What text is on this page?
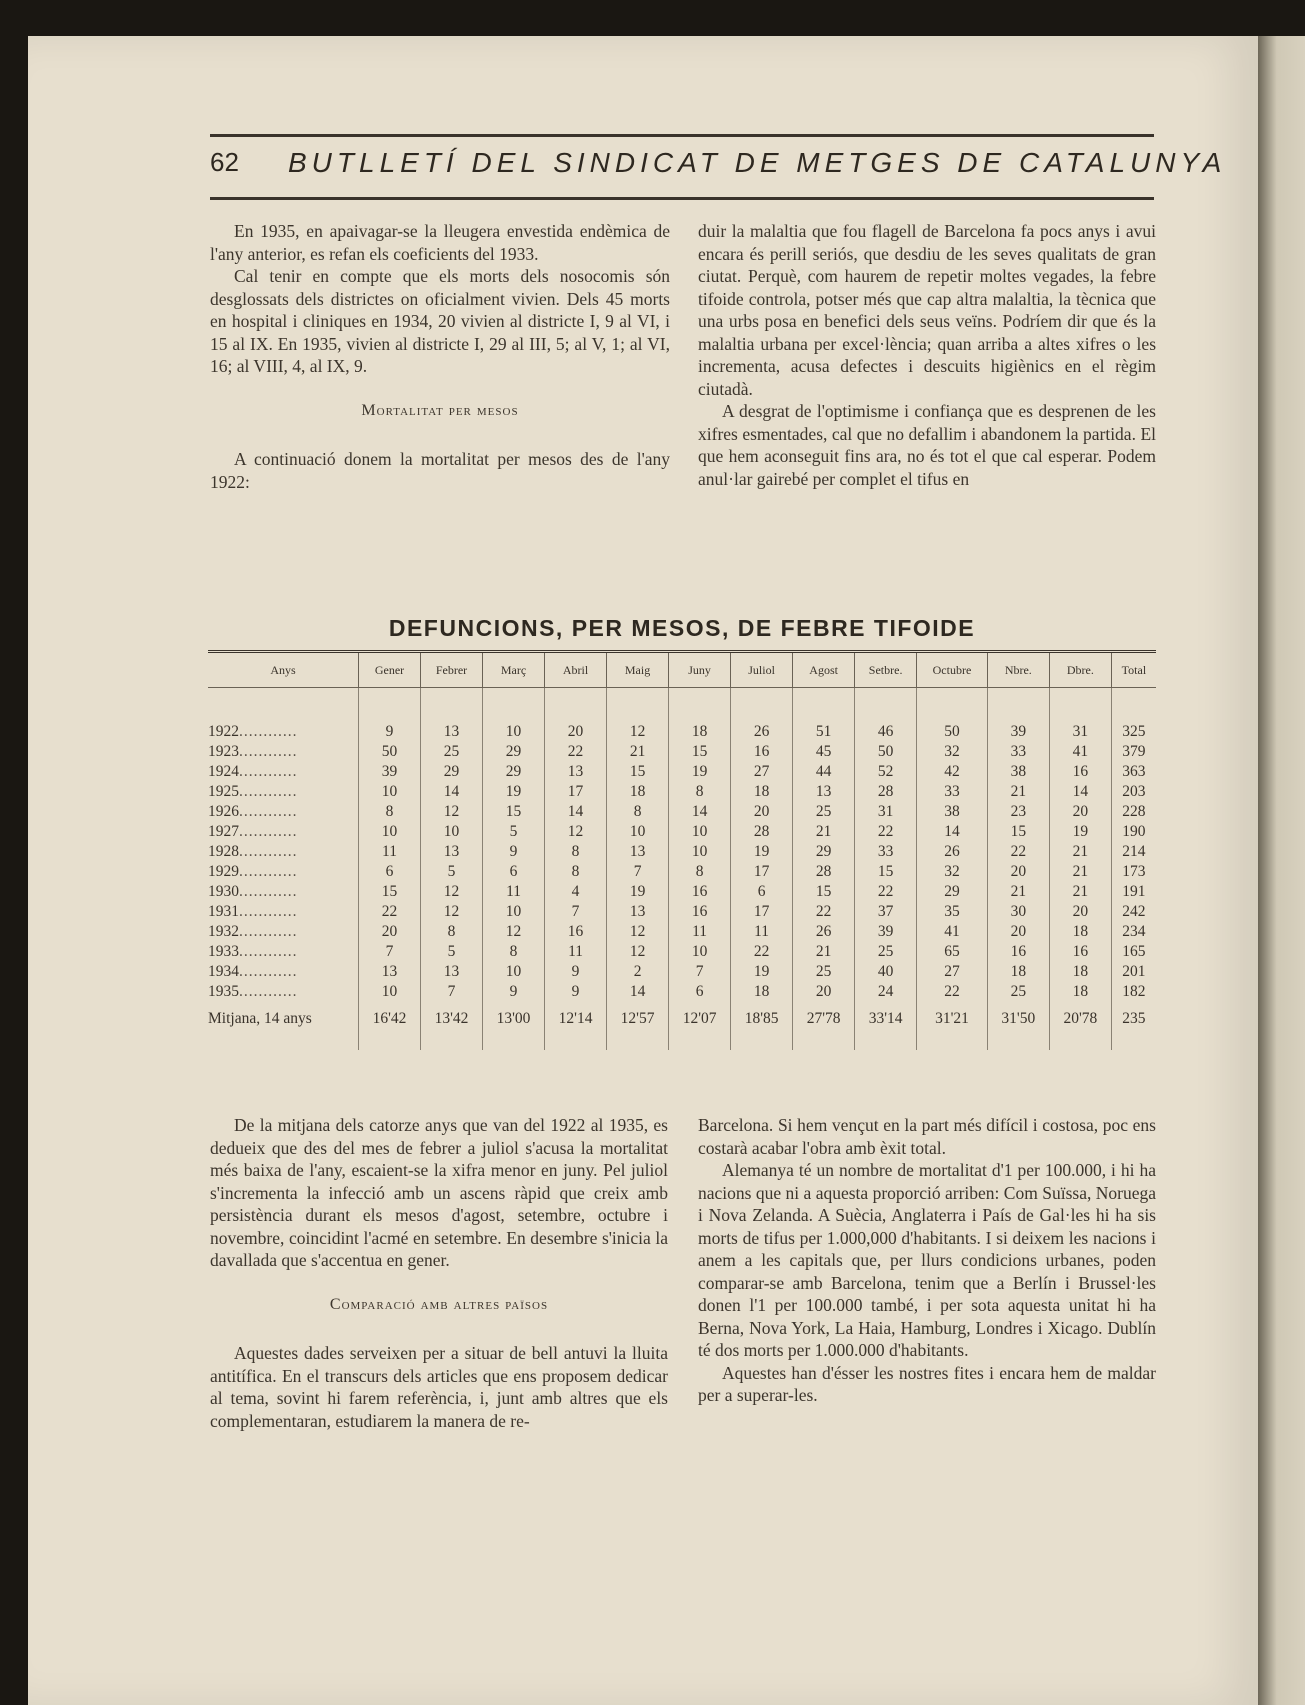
62 BUTLLETÍ DEL SINDICAT DE METGES DE CATALUNYA

En 1935, en apaivagar-se la lleugera envestida endèmica de l'any anterior, es refan els coeficients del 1933.

Cal tenir en compte que els morts dels nosocomis són desglossats dels districtes on oficialment vivien. Dels 45 morts en hospital i cliniques en 1934, 20 vivien al districte I, 9 al VI, i 15 al IX. En 1935, vivien al districte I, 29 al III, 5; al V, 1; al VI, 16; al VIII, 4, al IX, 9.

Mortalitat per mesos

A continuació donem la mortalitat per mesos des de l'any 1922:

duir la malaltia que fou flagell de Barcelona fa pocs anys i avui encara és perill seriós, que desdiu de les seves qualitats de gran ciutat. Perquè, com haurem de repetir moltes vegades, la febre tifoide controla, potser més que cap altra malaltia, la tècnica que una urbs posa en benefici dels seus veïns. Podríem dir que és la malaltia urbana per excel·lència; quan arriba a altes xifres o les incrementa, acusa defectes i descuits higiènics en el règim ciutadà.

A desgrat de l'optimisme i confiança que es desprenen de les xifres esmentades, cal que no defallim i abandonem la partida. El que hem aconseguit fins ara, no és tot el que cal esperar. Podem anul·lar gairebé per complet el tifus en

DEFUNCIONS, PER MESOS, DE FEBRE TIFOIDE
Anys	Gener	Febrer	Març	Abril	Maig	Juny	Juliol	Agost	Setbre.	Octubre	Nbre.	Dbre.	Total

1922............	9	13	10	20	12	18	26	51	46	50	39	31	325
1923............	50	25	29	22	21	15	16	45	50	32	33	41	379
1924............	39	29	29	13	15	19	27	44	52	42	38	16	363
1925............	10	14	19	17	18	8	18	13	28	33	21	14	203
1926............	8	12	15	14	8	14	20	25	31	38	23	20	228
1927............	10	10	5	12	10	10	28	21	22	14	15	19	190
1928............	11	13	9	8	13	10	19	29	33	26	22	21	214
1929............	6	5	6	8	7	8	17	28	15	32	20	21	173
1930............	15	12	11	4	19	16	6	15	22	29	21	21	191
1931............	22	12	10	7	13	16	17	22	37	35	30	20	242
1932............	20	8	12	16	12	11	11	26	39	41	20	18	234
1933............	7	5	8	11	12	10	22	21	25	65	16	16	165
1934............	13	13	10	9	2	7	19	25	40	27	18	18	201
1935............	10	7	9	9	14	6	18	20	24	22	25	18	182
Mitjana, 14 anys	16'42	13'42	13'00	12'14	12'57	12'07	18'85	27'78	33'14	31'21	31'50	20'78	235

De la mitjana dels catorze anys que van del 1922 al 1935, es dedueix que des del mes de febrer a juliol s'acusa la mortalitat més baixa de l'any, escaient-se la xifra menor en juny. Pel juliol s'incrementa la infecció amb un ascens ràpid que creix amb persistència durant els mesos d'agost, setembre, octubre i novembre, coincidint l'acmé en setembre. En desembre s'inicia la davallada que s'accentua en gener.

Comparació amb altres països

Aquestes dades serveixen per a situar de bell antuvi la lluita antitífica. En el transcurs dels articles que ens proposem dedicar al tema, sovint hi farem referència, i, junt amb altres que els complementaran, estudiarem la manera de re-

Barcelona. Si hem vençut en la part més difícil i costosa, poc ens costarà acabar l'obra amb èxit total.

Alemanya té un nombre de mortalitat d'1 per 100.000, i hi ha nacions que ni a aquesta proporció arriben: Com Suïssa, Noruega i Nova Zelanda. A Suècia, Anglaterra i País de Gal·les hi ha sis morts de tifus per 1.000,000 d'habitants. I si deixem les nacions i anem a les capitals que, per llurs condicions urbanes, poden comparar-se amb Barcelona, tenim que a Berlín i Brussel·les donen l'1 per 100.000 també, i per sota aquesta unitat hi ha Berna, Nova York, La Haia, Hamburg, Londres i Xicago. Dublín té dos morts per 1.000.000 d'habitants.

Aquestes han d'ésser les nostres fites i encara hem de maldar per a superar-les.
